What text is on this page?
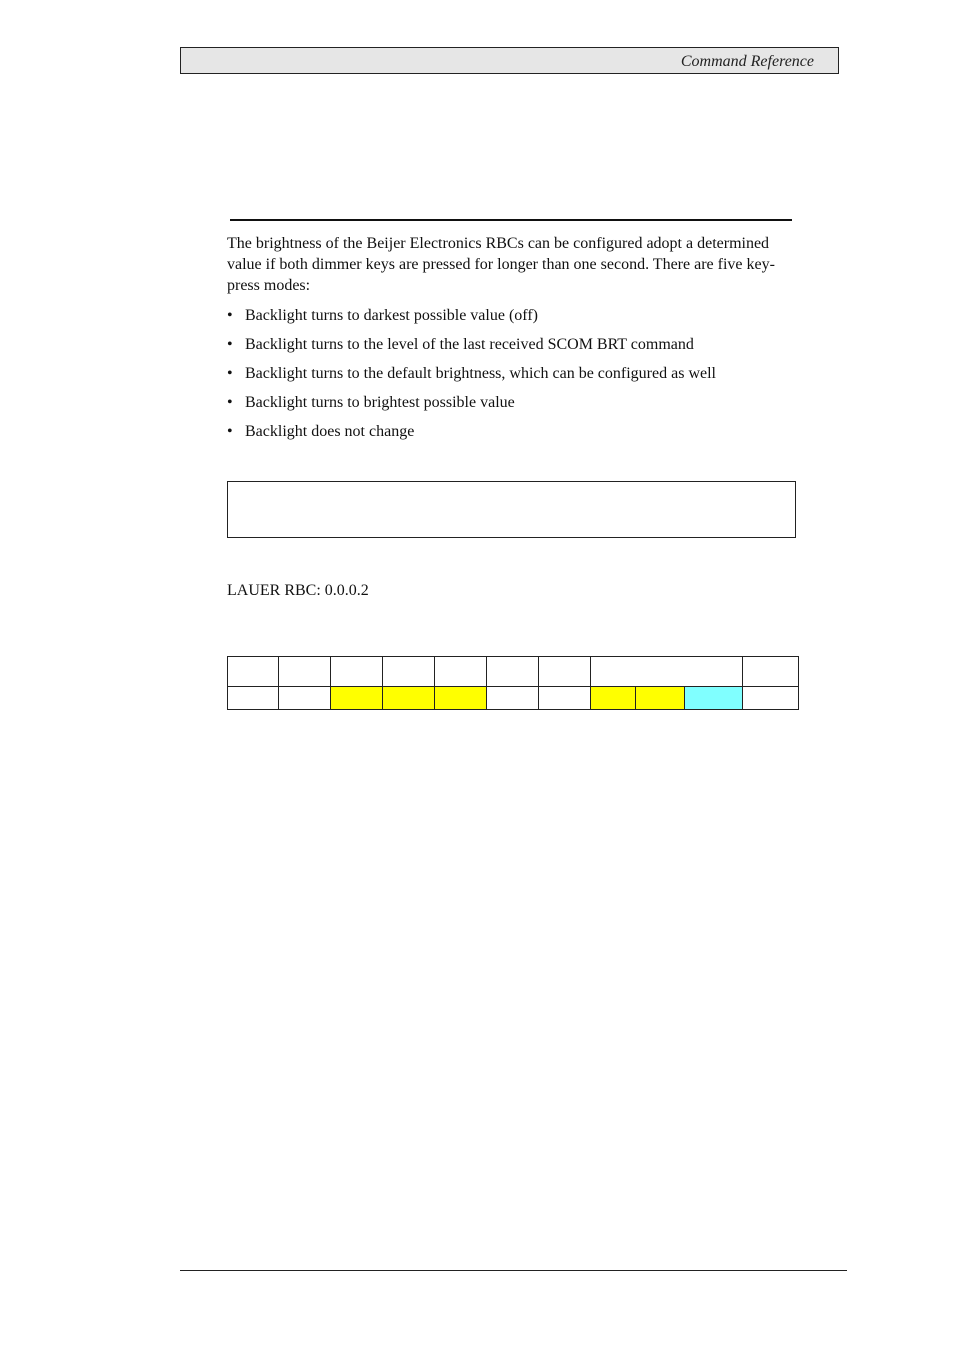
Command Reference

The brightness of the Beijer Electronics RBCs can be configured adopt a determined value if both dimmer keys are pressed for longer than one second. There are five key-press modes:

• Backlight turns to darkest possible value (off)
• Backlight turns to the level of the last received SCOM BRT command
• Backlight turns to the default brightness, which can be configured as well
• Backlight turns to brightest possible value
• Backlight does not change
LAUER RBC: 0.0.0.2
